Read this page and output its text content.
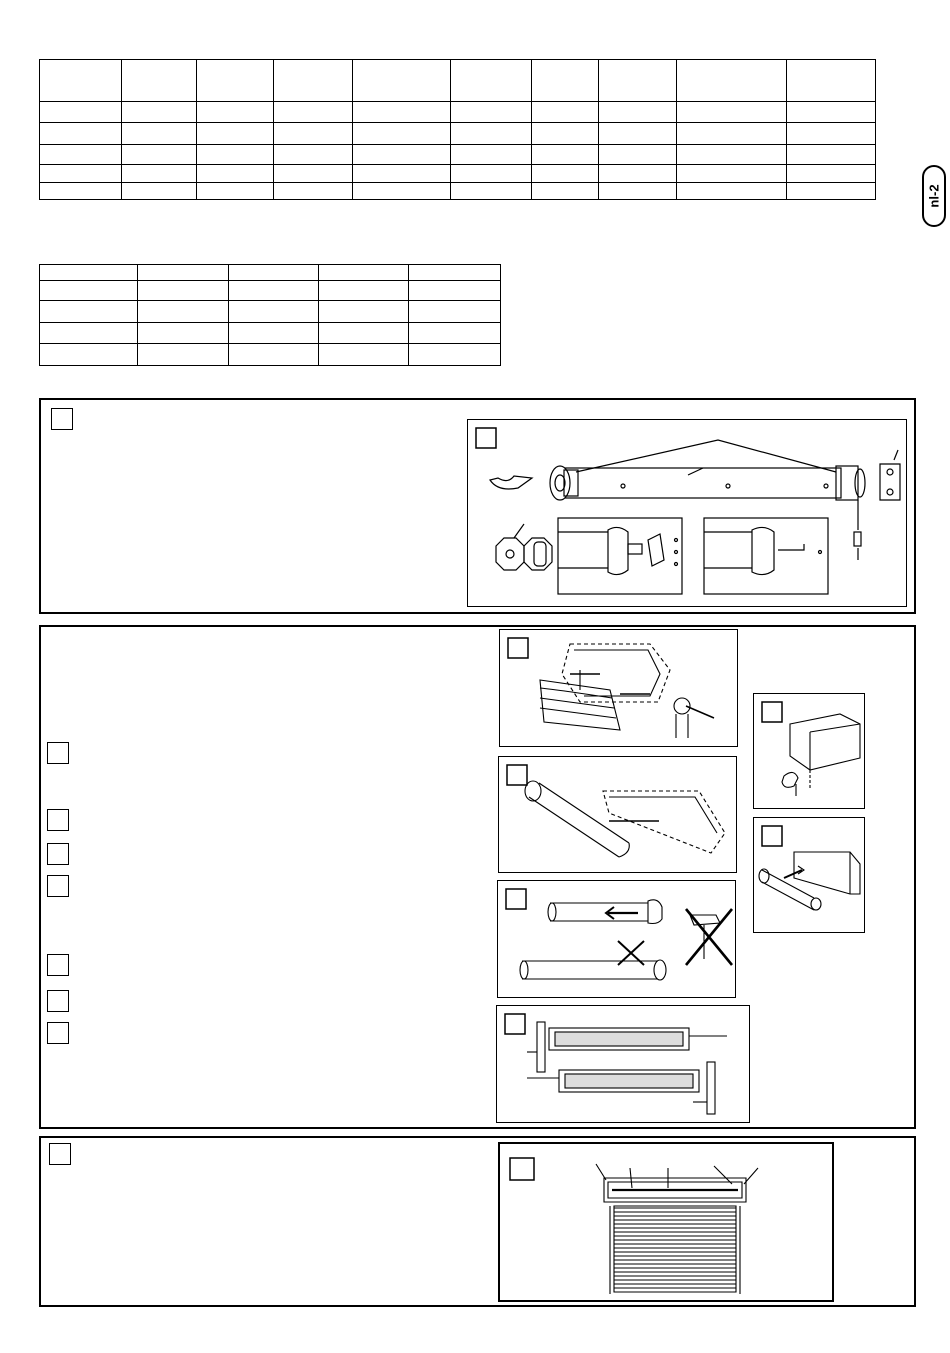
nl-2
